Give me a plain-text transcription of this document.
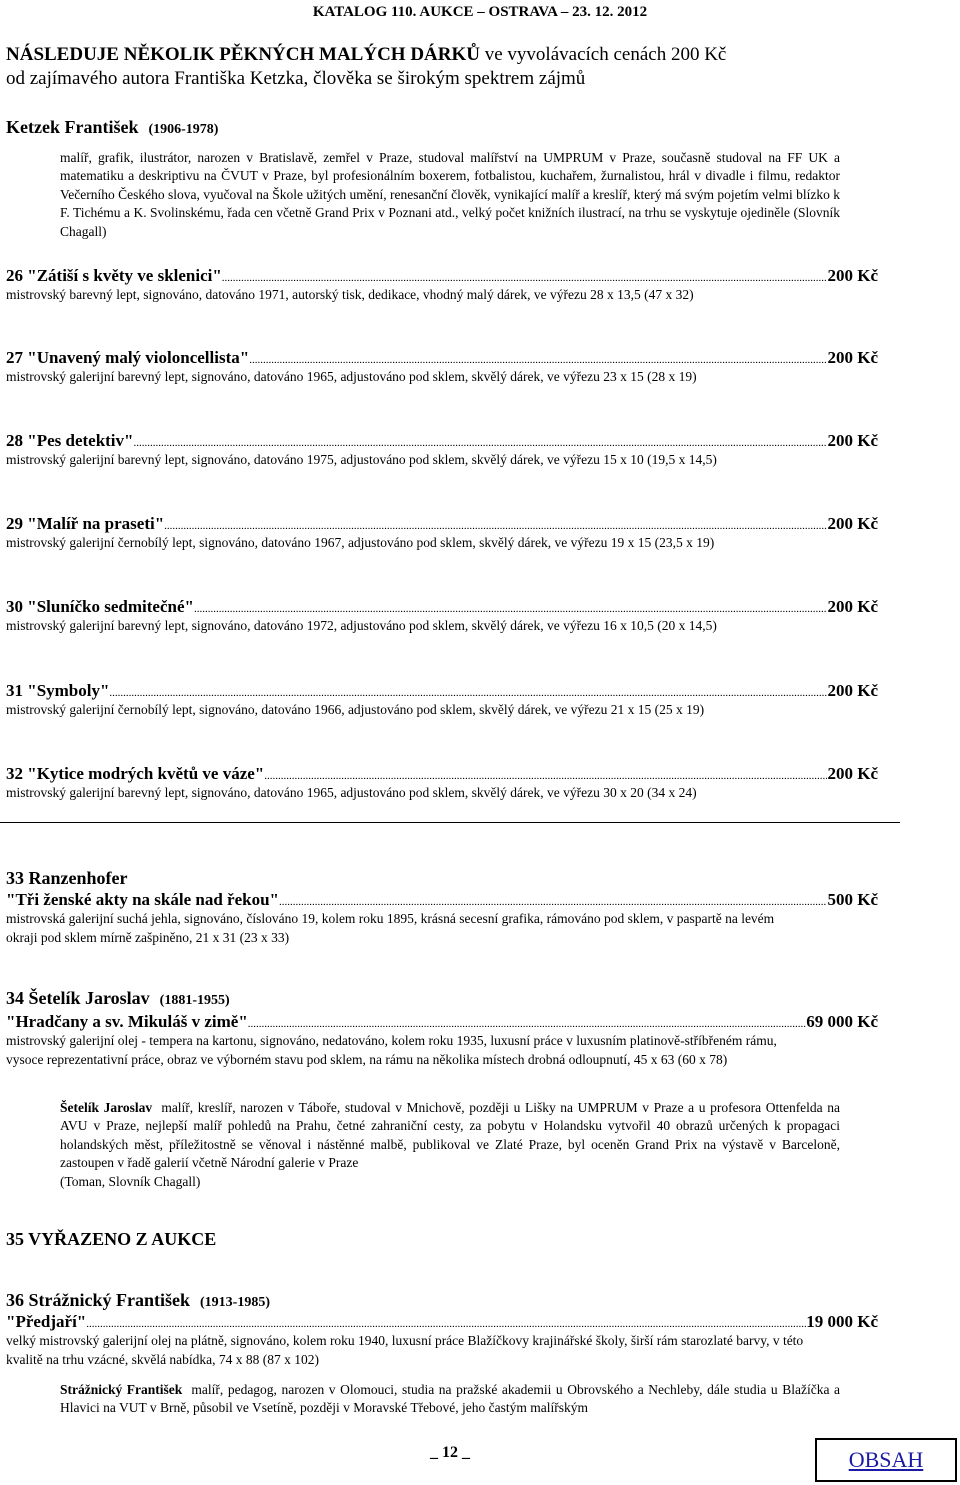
KATALOG 110. AUKCE – OSTRAVA – 23. 12. 2012
NÁSLEDUJE NĚKOLIK PĚKNÝCH MALÝCH DÁRKŮ ve vyvolávacích cenách 200 Kč
od zajímavého autora Františka Ketzka, člověka se širokým spektrem zájmů
Ketzek František (1906-1978)
malíř, grafik, ilustrátor, narozen v Bratislavě, zemřel v Praze, studoval malířství na UMPRUM v Praze, současně studoval na FF UK a matematiku a deskriptivu na ČVUT v Praze, byl profesionálním boxerem, fotbalistou, kuchařem, žurnalistou, hrál v divadle i filmu, redaktor Večerního Českého slova, vyučoval na Škole užitých umění, renesanční člověk, vynikající malíř a kreslíř, který má svým pojetím velmi blízko k F. Tichému a K. Svolinskému, řada cen včetně Grand Prix v Poznani atd., velký počet knižních ilustrací, na trhu se vyskytuje ojediněle (Slovník Chagall)
26 "Zátiší s květy ve sklenici" .....	200 Kč
mistrovský barevný lept, signováno, datováno 1971, autorský tisk, dedikace, vhodný malý dárek, ve výřezu 28 x 13,5 (47 x 32)
27 "Unavený malý violoncellista" .....	200 Kč
mistrovský galerijní barevný lept, signováno, datováno 1965, adjustováno pod sklem, skvělý dárek, ve výřezu 23 x 15 (28 x 19)
28 "Pes detektiv" .....	200 Kč
mistrovský galerijní barevný lept, signováno, datováno 1975, adjustováno pod sklem, skvělý dárek, ve výřezu 15 x 10 (19,5 x 14,5)
29 "Malíř na praseti" .....	200 Kč
mistrovský galerijní černobílý lept, signováno, datováno 1967, adjustováno pod sklem, skvělý dárek, ve výřezu 19 x 15 (23,5 x 19)
30 "Sluníčko sedmitečné" .....	200 Kč
mistrovský galerijní barevný lept, signováno, datováno 1972, adjustováno pod sklem, skvělý dárek, ve výřezu 16 x 10,5 (20 x 14,5)
31 "Symboly" .....	200 Kč
mistrovský galerijní černobílý lept, signováno, datováno 1966, adjustováno pod sklem, skvělý dárek, ve výřezu 21 x 15 (25 x 19)
32 "Kytice modrých květů ve váze" .....	200 Kč
mistrovský galerijní barevný lept, signováno, datováno 1965, adjustováno pod sklem, skvělý dárek, ve výřezu 30 x 20 (34 x 24)
33 Ranzenhofer
"Tři ženské akty na skále nad řekou" .....	500 Kč
mistrovská galerijní suchá jehla, signováno, číslováno 19, kolem roku 1895, krásná secesní grafika, rámováno pod sklem, v paspartě na levém okraji pod sklem mírně zašpiněno, 21 x 31 (23 x 33)
34 Šetelík Jaroslav (1881-1955)
"Hradčany a sv. Mikuláš v zimě" .....	69 000 Kč
mistrovský galerijní olej - tempera na kartonu, signováno, nedatováno, kolem roku 1935, luxusní práce v luxusním platinově-stříbřeném rámu, vysoce reprezentativní práce, obraz ve výborném stavu pod sklem, na rámu na několika místech drobná odloupnutí, 45 x 63 (60 x 78)
Šetelík Jaroslav malíř, kreslíř, narozen v Táboře, studoval v Mnichově, později u Lišky na UMPRUM v Praze a u profesora Ottenfelda na AVU v Praze, nejlepší malíř pohledů na Prahu, četné zahraniční cesty, za pobytu v Holandsku vytvořil 40 obrazů určených k propagaci holandských měst, příležitostně se věnoval i nástěnné malbě, publikoval ve Zlaté Praze, byl oceněn Grand Prix na výstavě v Barceloně, zastoupen v řadě galerií včetně Národní galerie v Praze
(Toman, Slovník Chagall)
35 VYŘAZENO Z AUKCE
36 Strážnický František (1913-1985)
"Předjaří" .....	19 000 Kč
velký mistrovský galerijní olej na plátně, signováno, kolem roku 1940, luxusní práce Blažíčkovy krajinářské školy, širší rám starozlaté barvy, v této kvalitě na trhu vzácné, skvělá nabídka, 74 x 88 (87 x 102)
Strážnický František malíř, pedagog, narozen v Olomouci, studia na pražské akademii u Obrovského a Nechleby, dále studia u Blažíčka a Hlavici na VUT v Brně, působil ve Vsetíně, později v Moravské Třebové, jeho častým malířským
_ 12 _	OBSAH
